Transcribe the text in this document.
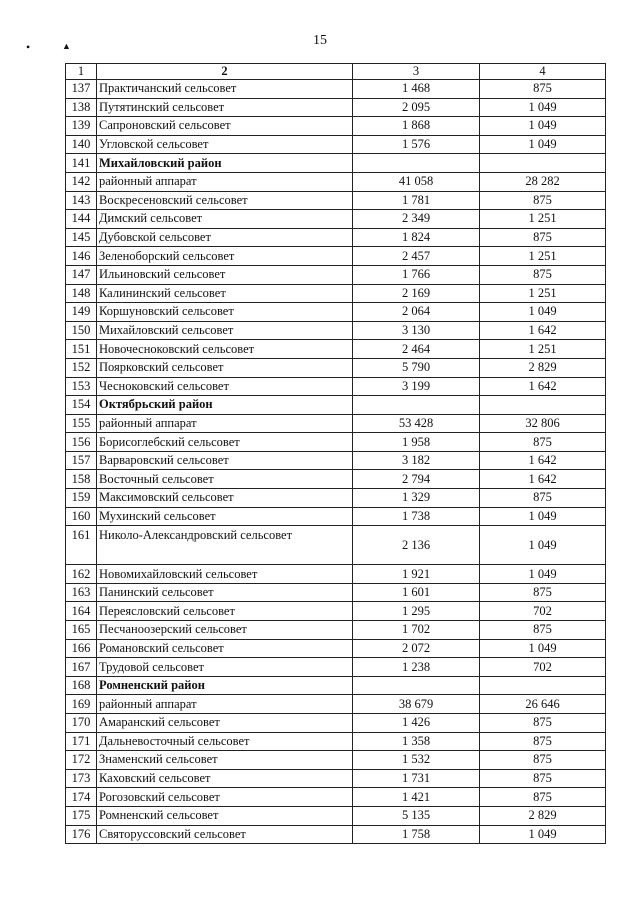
15
•	▲
1	2	3	4
137	Практичанский сельсовет	1 468	875
138	Путятинский сельсовет	2 095	1 049
139	Сапроновский сельсовет	1 868	1 049
140	Угловской сельсовет	1 576	1 049
141	Михайловский район		
142	районный аппарат	41 058	28 282
143	Воскресеновский сельсовет	1 781	875
144	Димский сельсовет	2 349	1 251
145	Дубовской сельсовет	1 824	875
146	Зеленоборский сельсовет	2 457	1 251
147	Ильиновский сельсовет	1 766	875
148	Калининский сельсовет	2 169	1 251
149	Коршуновский сельсовет	2 064	1 049
150	Михайловский сельсовет	3 130	1 642
151	Новочесноковский сельсовет	2 464	1 251
152	Поярковский сельсовет	5 790	2 829
153	Чесноковский сельсовет	3 199	1 642
154	Октябрьский район		
155	районный аппарат	53 428	32 806
156	Борисоглебский сельсовет	1 958	875
157	Варваровский сельсовет	3 182	1 642
158	Восточный сельсовет	2 794	1 642
159	Максимовский сельсовет	1 329	875
160	Мухинский сельсовет	1 738	1 049
161	Николо-Александровский сельсовет	2 136	1 049
162	Новомихайловский сельсовет	1 921	1 049
163	Панинский сельсовет	1 601	875
164	Переясловский сельсовет	1 295	702
165	Песчаноозерский сельсовет	1 702	875
166	Романовский сельсовет	2 072	1 049
167	Трудовой сельсовет	1 238	702
168	Ромненский район		
169	районный аппарат	38 679	26 646
170	Амаранский сельсовет	1 426	875
171	Дальневосточный сельсовет	1 358	875
172	Знаменский сельсовет	1 532	875
173	Каховский сельсовет	1 731	875
174	Рогозовский сельсовет	1 421	875
175	Ромненский сельсовет	5 135	2 829
176	Святоруссовский сельсовет	1 758	1 049
